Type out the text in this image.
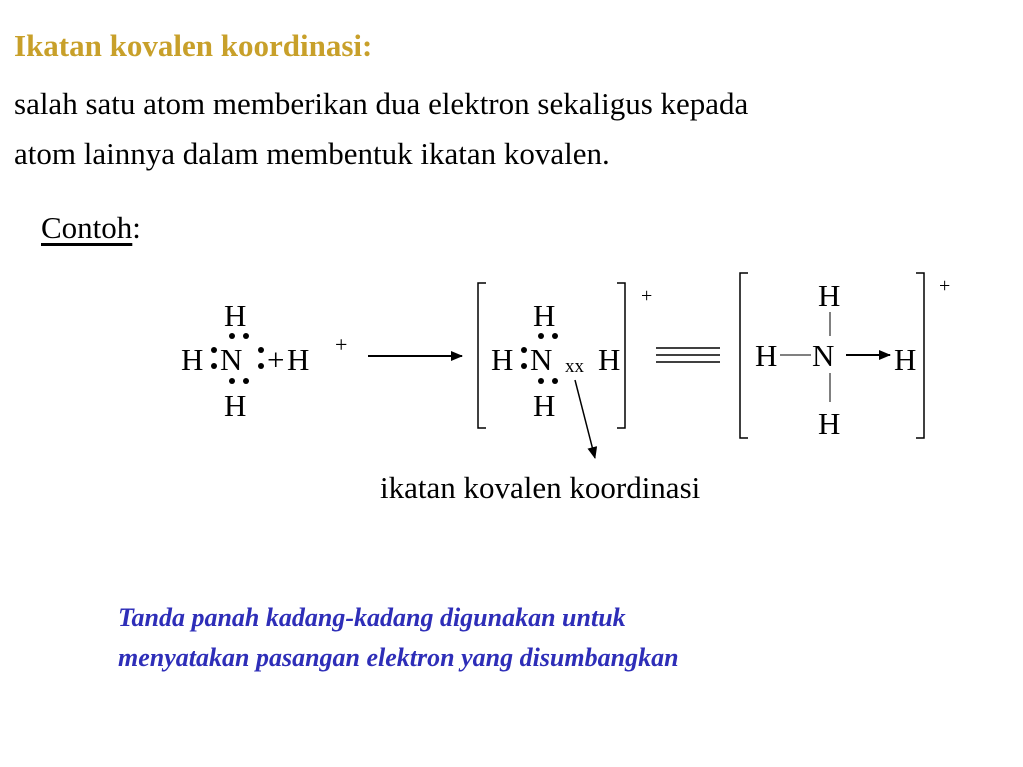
Ikatan kovalen koordinasi:
salah satu atom memberikan dua elektron sekaligus kepada
atom lainnya dalam membentuk ikatan kovalen.
Contoh:
H
H N
H
+ H +
H
H N xx H
H
+	H
H N H
H
+
ikatan kovalen koordinasi
Tanda panah kadang-kadang digunakan untuk
menyatakan pasangan elektron yang disumbangkan
